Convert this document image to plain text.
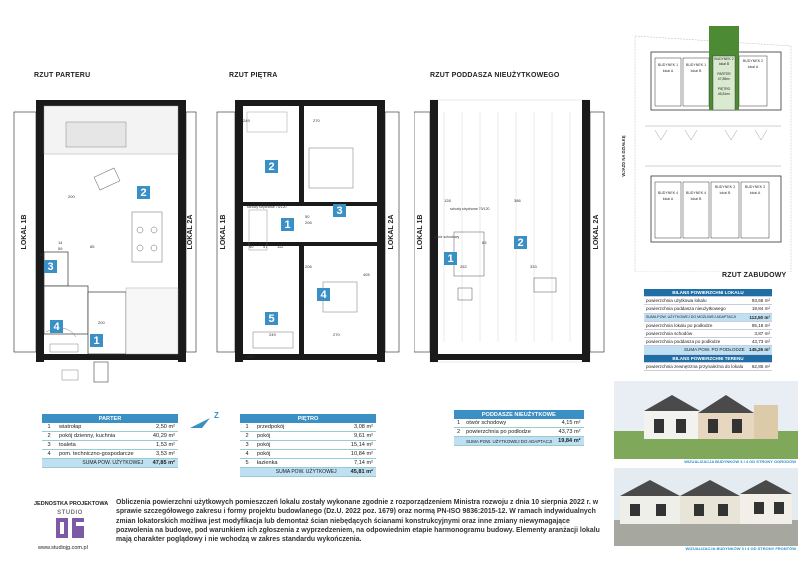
RZUT PARTERU	RZUT PIĘTRA	RZUT PODDASZA NIEUŻYTKOWEGO
RZUT ZABUDOWY
2
3
4
1
LOKAL 1B	LOKAL 2A
200
14
59
81
85
200
2
3
1
4
5
LOKAL 1B	LOKAL 2A
249	270
90 47 112
50
206
206
249	270
405
292
schody strychowe 70/120
1
2
LOKAL 1B	LOKAL 2A
128	386
63
252	333
schody strychowe 70/120
otwór schodowy
WJAZD NA DZIAŁKĘ
BUDYNEK 1
lokal A
BUDYNEK 1
lokal B
BUDYNEK 2
lokal B
PARTER
47,85m²
PIĘTRO
45,81m²
BUDYNEK 2
lokal A
BUDYNEK 4
lokal A
BUDYNEK 4
lokal B
BUDYNEK 3
lokal B
BUDYNEK 3
lokal A
Z
PARTER		
1	wiatrołap	2,50 m²
2	pokój dzienny, kuchnia	40,29 m²
3	toaleta	1,53 m²
4	pom. techniczno-gospodarcze	3,53 m²
	SUMA POW. UŻYTKOWEJ	47,85 m²
PIĘTRO		
1	przedpokój	3,08 m²
2	pokój	9,61 m²
3	pokój	15,14 m²
4	pokój	10,84 m²
5	łazienka	7,14 m²
	SUMA POW. UŻYTKOWEJ	45,81 m²
PODDASZE NIEUŻYTKOWE		
1	otwór schodowy	4,15 m²
2	powierzchnia po podłodze	43,73 m²
	SUMA POW. UŻYTKOWEJ DO ADAPTACJI	19,84 m²
BILANS POWIERZCHNI LOKALU	
powierzchnia użytkowa lokalu	93,66 m²
powierzchnia poddasza nieużytkowego	19,84 m²
SUMA POW. UŻYTKOWEJ DO MOŻLIWEJ ADAPTACJI	113,50 m²
powierzchnia lokalu po podłodze	95,18 m²
powierzchnia schodów	3,87 m²
powierzchnia poddasza po podłodze	43,73 m²
SUMA POW. PO PODŁODZE	145,26 m²
BILANS POWIERZCHNI TERENU	
powierzchnia zewnętrzna przynależna do lokalu	62,85 m²
WIZUALIZACJA BUDYNKÓW 3 I 4 OD STRONY OGRODÓW
WIZUALIZACJA BUDYNKÓW 3 I 4 OD STRONY FRONTÓW
JEDNOSTKA PROJEKTOWA
STUDIO
www.studiojg.com.pl
Obliczenia powierzchni użytkowych pomieszczeń lokalu zostały wykonane zgodnie z rozporządzeniem Ministra rozwoju z dnia 10 sierpnia 2022 r. w sprawie szczegółowego zakresu i formy projektu budowlanego (Dz.U. 2022 poz. 1679) oraz normą PN-ISO 9836:2015-12. W ramach indywidualnych zmian lokatorskich możliwa jest modyfikacja lub demontaż ścian niebędących ścianami konstrukcyjnymi oraz inne zmiany niewymagające pozwolenia na budowę, pod warunkiem ich zgłoszenia z wyprzedzeniem, na odpowiednim etapie harmonogramu budowy. Elementy aranżacji lokalu mają charakter poglądowy i nie wchodzą w zakres standardu wykończenia.
